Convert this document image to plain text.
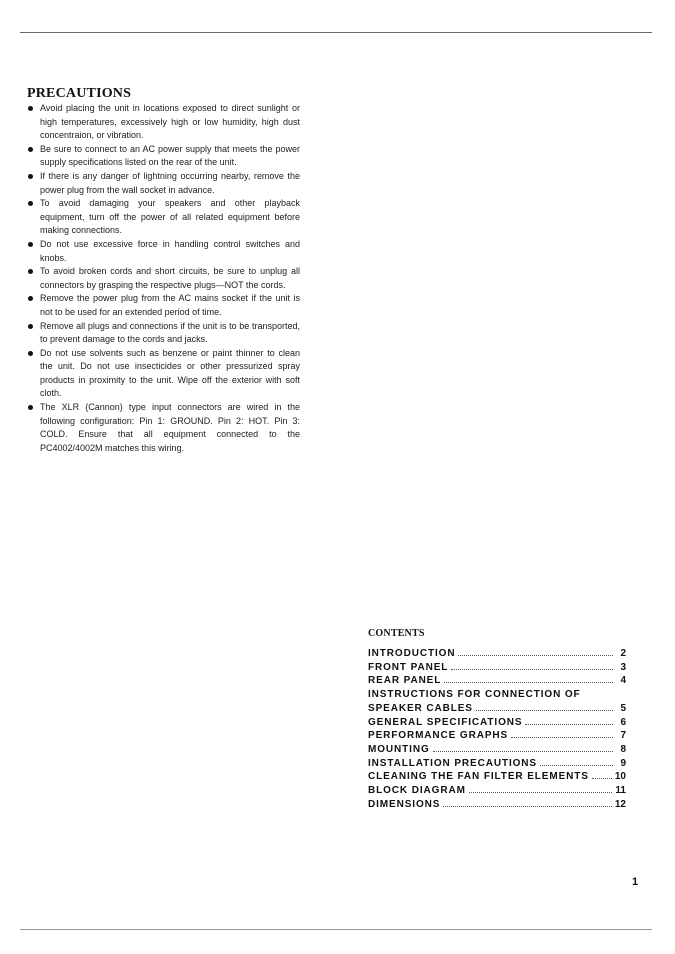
PRECAUTIONS
Avoid placing the unit in locations exposed to direct sunlight or high temperatures, excessively high or low humidity, high dust concentraion, or vibration.
Be sure to connect to an AC power supply that meets the power supply specifications listed on the rear of the unit.
If there is any danger of lightning occurring nearby, remove the power plug from the wall socket in advance.
To avoid damaging your speakers and other playback equipment, turn off the power of all related equipment before making connections.
Do not use excessive force in handling control switches and knobs.
To avoid broken cords and short circuits, be sure to unplug all connectors by grasping the respective plugs—NOT the cords.
Remove the power plug from the AC mains socket if the unit is not to be used for an extended period of time.
Remove all plugs and connections if the unit is to be transported, to prevent damage to the cords and jacks.
Do not use solvents such as benzene or paint thinner to clean the unit. Do not use insecticides or other pressurized spray products in proximity to the unit. Wipe off the exterior with soft cloth.
The XLR (Cannon) type input connectors are wired in the following configuration: Pin 1: GROUND. Pin 2: HOT. Pin 3: COLD. Ensure that all equipment connected to the PC4002/4002M matches this wiring.
CONTENTS
INTRODUCTION	2
FRONT PANEL	3
REAR PANEL	4
INSTRUCTIONS FOR CONNECTION OF
SPEAKER CABLES	5
GENERAL SPECIFICATIONS	6
PERFORMANCE GRAPHS	7
MOUNTING	8
INSTALLATION PRECAUTIONS	9
CLEANING THE FAN FILTER ELEMENTS	10
BLOCK DIAGRAM	11
DIMENSIONS	12
1
